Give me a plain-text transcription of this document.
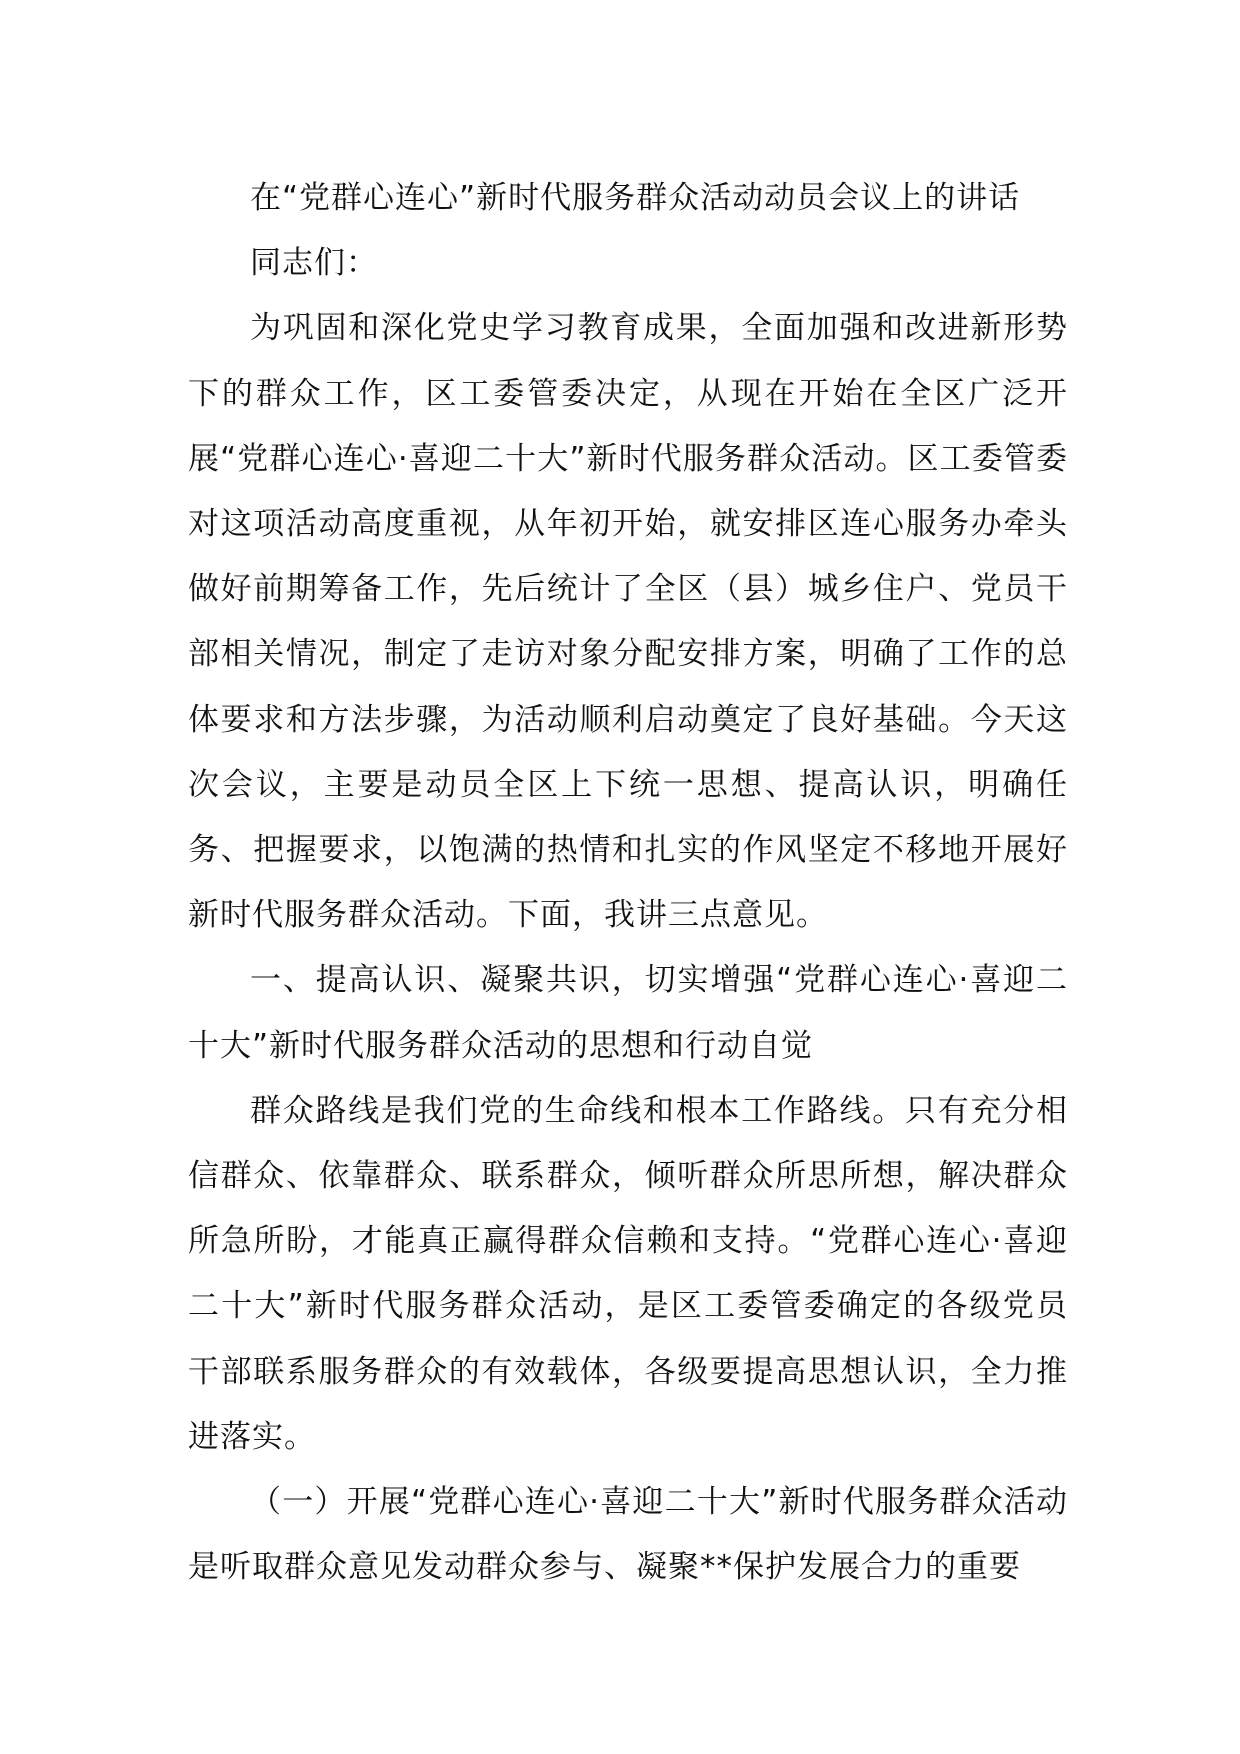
在“党群心连心”新时代服务群众活动动员会议上的讲话

同志们：

为巩固和深化党史学习教育成果，全面加强和改进新形势下的群众工作，区工委管委决定，从现在开始在全区广泛开展“党群心连心·喜迎二十大”新时代服务群众活动。区工委管委对这项活动高度重视，从年初开始，就安排区连心服务办牵头做好前期筹备工作，先后统计了全区（县）城乡住户、党员干部相关情况，制定了走访对象分配安排方案，明确了工作的总体要求和方法步骤，为活动顺利启动奠定了良好基础。今天这次会议，主要是动员全区上下统一思想、提高认识，明确任务、把握要求，以饱满的热情和扎实的作风坚定不移地开展好新时代服务群众活动。下面，我讲三点意见。

一、提高认识、凝聚共识，切实增强“党群心连心·喜迎二十大”新时代服务群众活动的思想和行动自觉

群众路线是我们党的生命线和根本工作路线。只有充分相信群众、依靠群众、联系群众，倾听群众所思所想，解决群众所急所盼，才能真正赢得群众信赖和支持。“党群心连心·喜迎二十大”新时代服务群众活动，是区工委管委确定的各级党员干部联系服务群众的有效载体，各级要提高思想认识，全力推进落实。

（一）开展“党群心连心·喜迎二十大”新时代服务群众活动是听取群众意见发动群众参与、凝聚**保护发展合力的重要
